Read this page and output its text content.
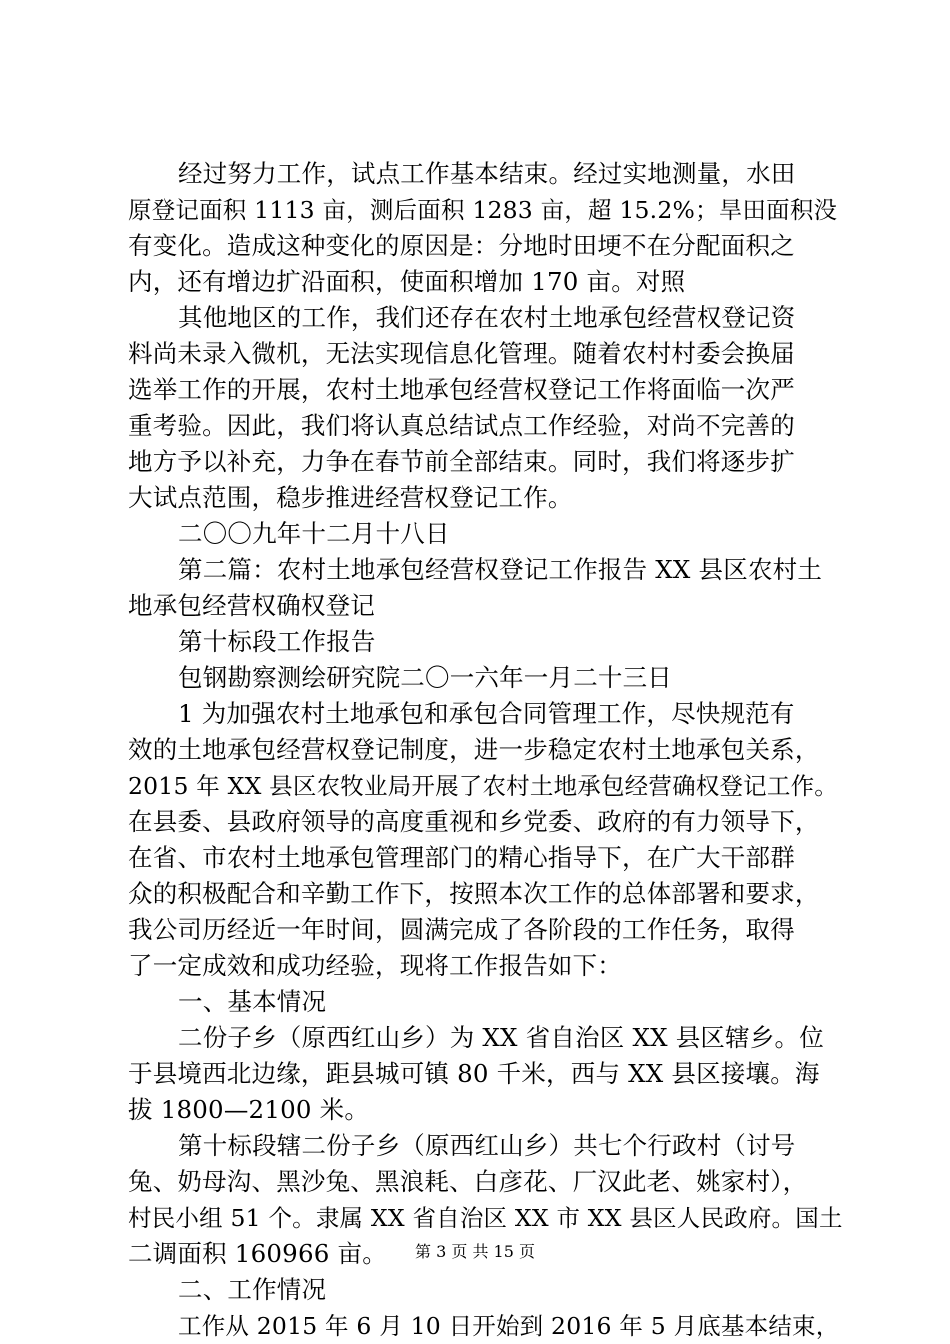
经过努力工作，试点工作基本结束。经过实地测量，水田
原登记面积 1113 亩，测后面积 1283 亩，超 15.2%；旱田面积没
有变化。造成这种变化的原因是：分地时田埂不在分配面积之
内，还有增边扩沿面积，使面积增加 170 亩。对照
其他地区的工作，我们还存在农村土地承包经营权登记资
料尚未录入微机，无法实现信息化管理。随着农村村委会换届
选举工作的开展，农村土地承包经营权登记工作将面临一次严
重考验。因此，我们将认真总结试点工作经验，对尚不完善的
地方予以补充，力争在春节前全部结束。同时，我们将逐步扩
大试点范围，稳步推进经营权登记工作。
二〇〇九年十二月十八日
第二篇：农村土地承包经营权登记工作报告 XX 县区农村土
地承包经营权确权登记
第十标段工作报告
包钢勘察测绘研究院二〇一六年一月二十三日
1 为加强农村土地承包和承包合同管理工作，尽快规范有
效的土地承包经营权登记制度，进一步稳定农村土地承包关系，
2015 年 XX 县区农牧业局开展了农村土地承包经营确权登记工作。
在县委、县政府领导的高度重视和乡党委、政府的有力领导下，
在省、市农村土地承包管理部门的精心指导下，在广大干部群
众的积极配合和辛勤工作下，按照本次工作的总体部署和要求，
我公司历经近一年时间，圆满完成了各阶段的工作任务，取得
了一定成效和成功经验，现将工作报告如下：
一、基本情况
二份子乡（原西红山乡）为 XX 省自治区 XX 县区辖乡。位
于县境西北边缘，距县城可镇 80 千米，西与 XX 县区接壤。海
拔 1800—2100 米。
第十标段辖二份子乡（原西红山乡）共七个行政村（讨号
兔、奶母沟、黑沙兔、黑浪耗、白彦花、厂汉此老、姚家村），
村民小组 51 个。隶属 XX 省自治区 XX 市 XX 县区人民政府。国土
二调面积 160966 亩。
二、工作情况
工作从 2015 年 6 月 10 日开始到 2016 年 5 月底基本结束，
第 3 页 共 15 页
